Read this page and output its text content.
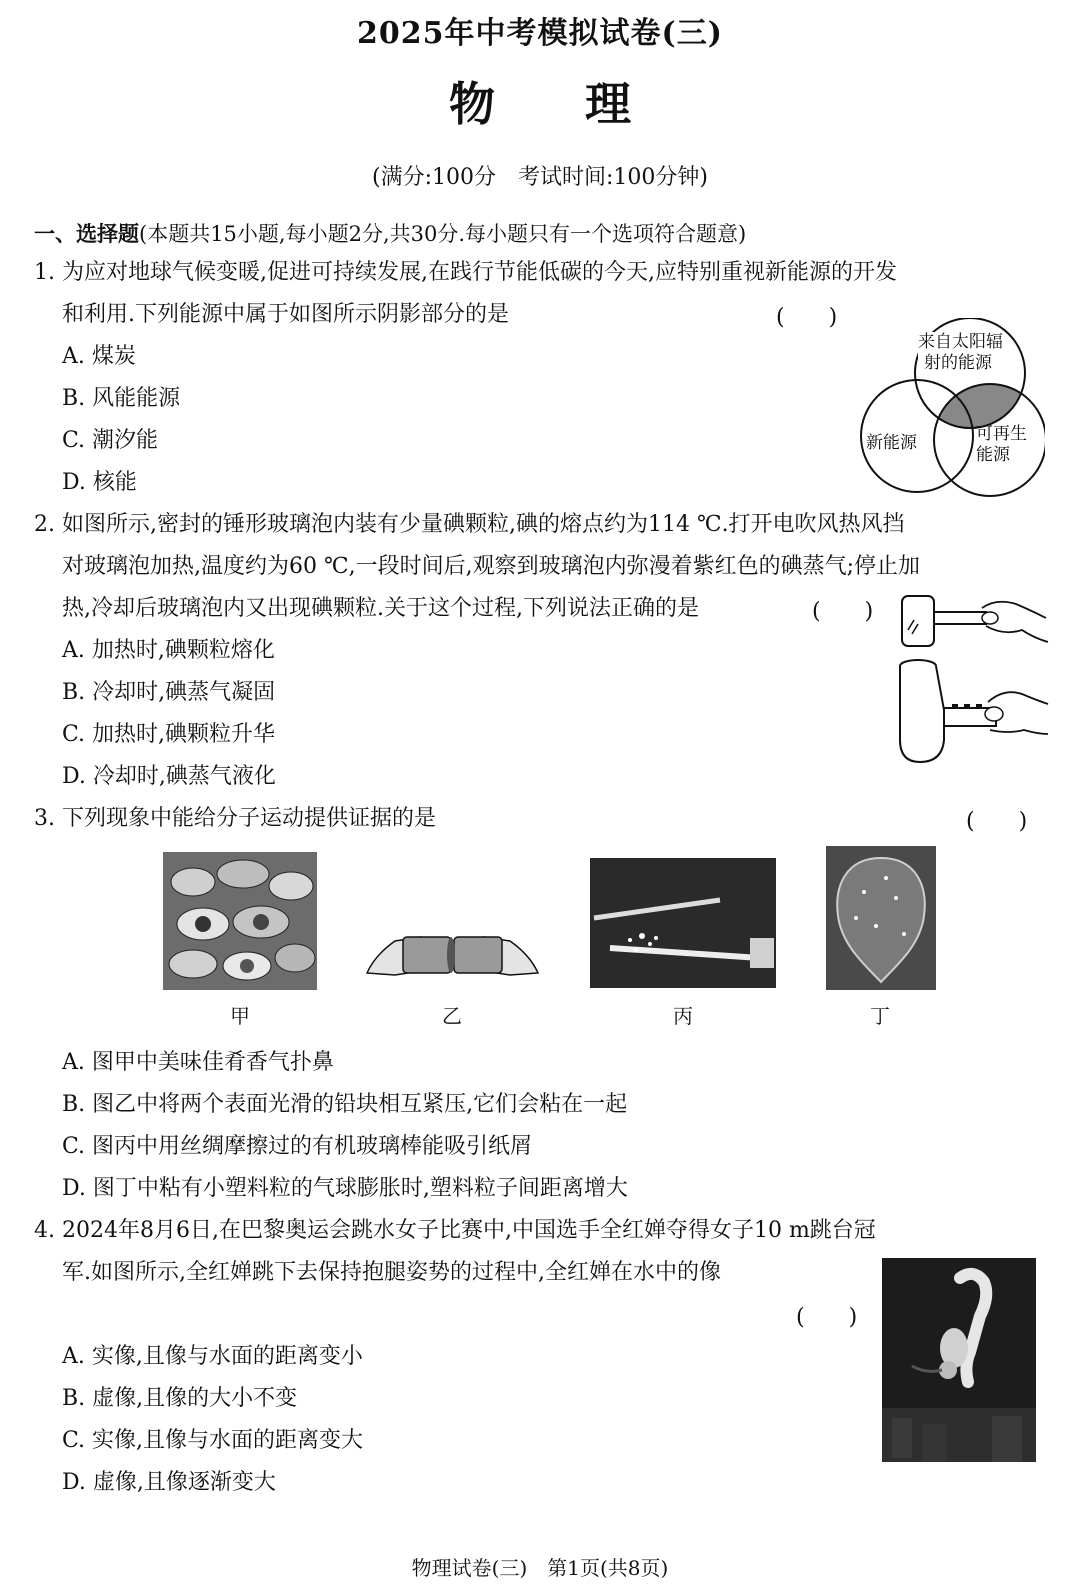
2025年中考模拟试卷(三)
物理
(满分:100分　考试时间:100分钟)
一、选择题(本题共15小题,每小题2分,共30分.每小题只有一个选项符合题意)
1. 为应对地球气候变暖,促进可持续发展,在践行节能低碳的今天,应特别重视新能源的开发
和利用.下列能源中属于如图所示阴影部分的是	(　　)
A. 煤炭
B. 风能能源
C. 潮汐能
D. 核能
来自太阳辐
射的能源
新能源	可再生
能源
2. 如图所示,密封的锤形玻璃泡内装有少量碘颗粒,碘的熔点约为114 ℃.打开电吹风热风挡
对玻璃泡加热,温度约为60 ℃,一段时间后,观察到玻璃泡内弥漫着紫红色的碘蒸气;停止加
热,冷却后玻璃泡内又出现碘颗粒.关于这个过程,下列说法正确的是	(　　)
A. 加热时,碘颗粒熔化
B. 冷却时,碘蒸气凝固
C. 加热时,碘颗粒升华
D. 冷却时,碘蒸气液化
3. 下列现象中能给分子运动提供证据的是	(　　)
甲	乙	丙	丁
A. 图甲中美味佳肴香气扑鼻
B. 图乙中将两个表面光滑的铅块相互紧压,它们会粘在一起
C. 图丙中用丝绸摩擦过的有机玻璃棒能吸引纸屑
D. 图丁中粘有小塑料粒的气球膨胀时,塑料粒子间距离增大
4. 2024年8月6日,在巴黎奥运会跳水女子比赛中,中国选手全红婵夺得女子10 m跳台冠
军.如图所示,全红婵跳下去保持抱腿姿势的过程中,全红婵在水中的像
(　　)
A. 实像,且像与水面的距离变小
B. 虚像,且像的大小不变
C. 实像,且像与水面的距离变大
D. 虚像,且像逐渐变大
物理试卷(三)　第1页(共8页)
